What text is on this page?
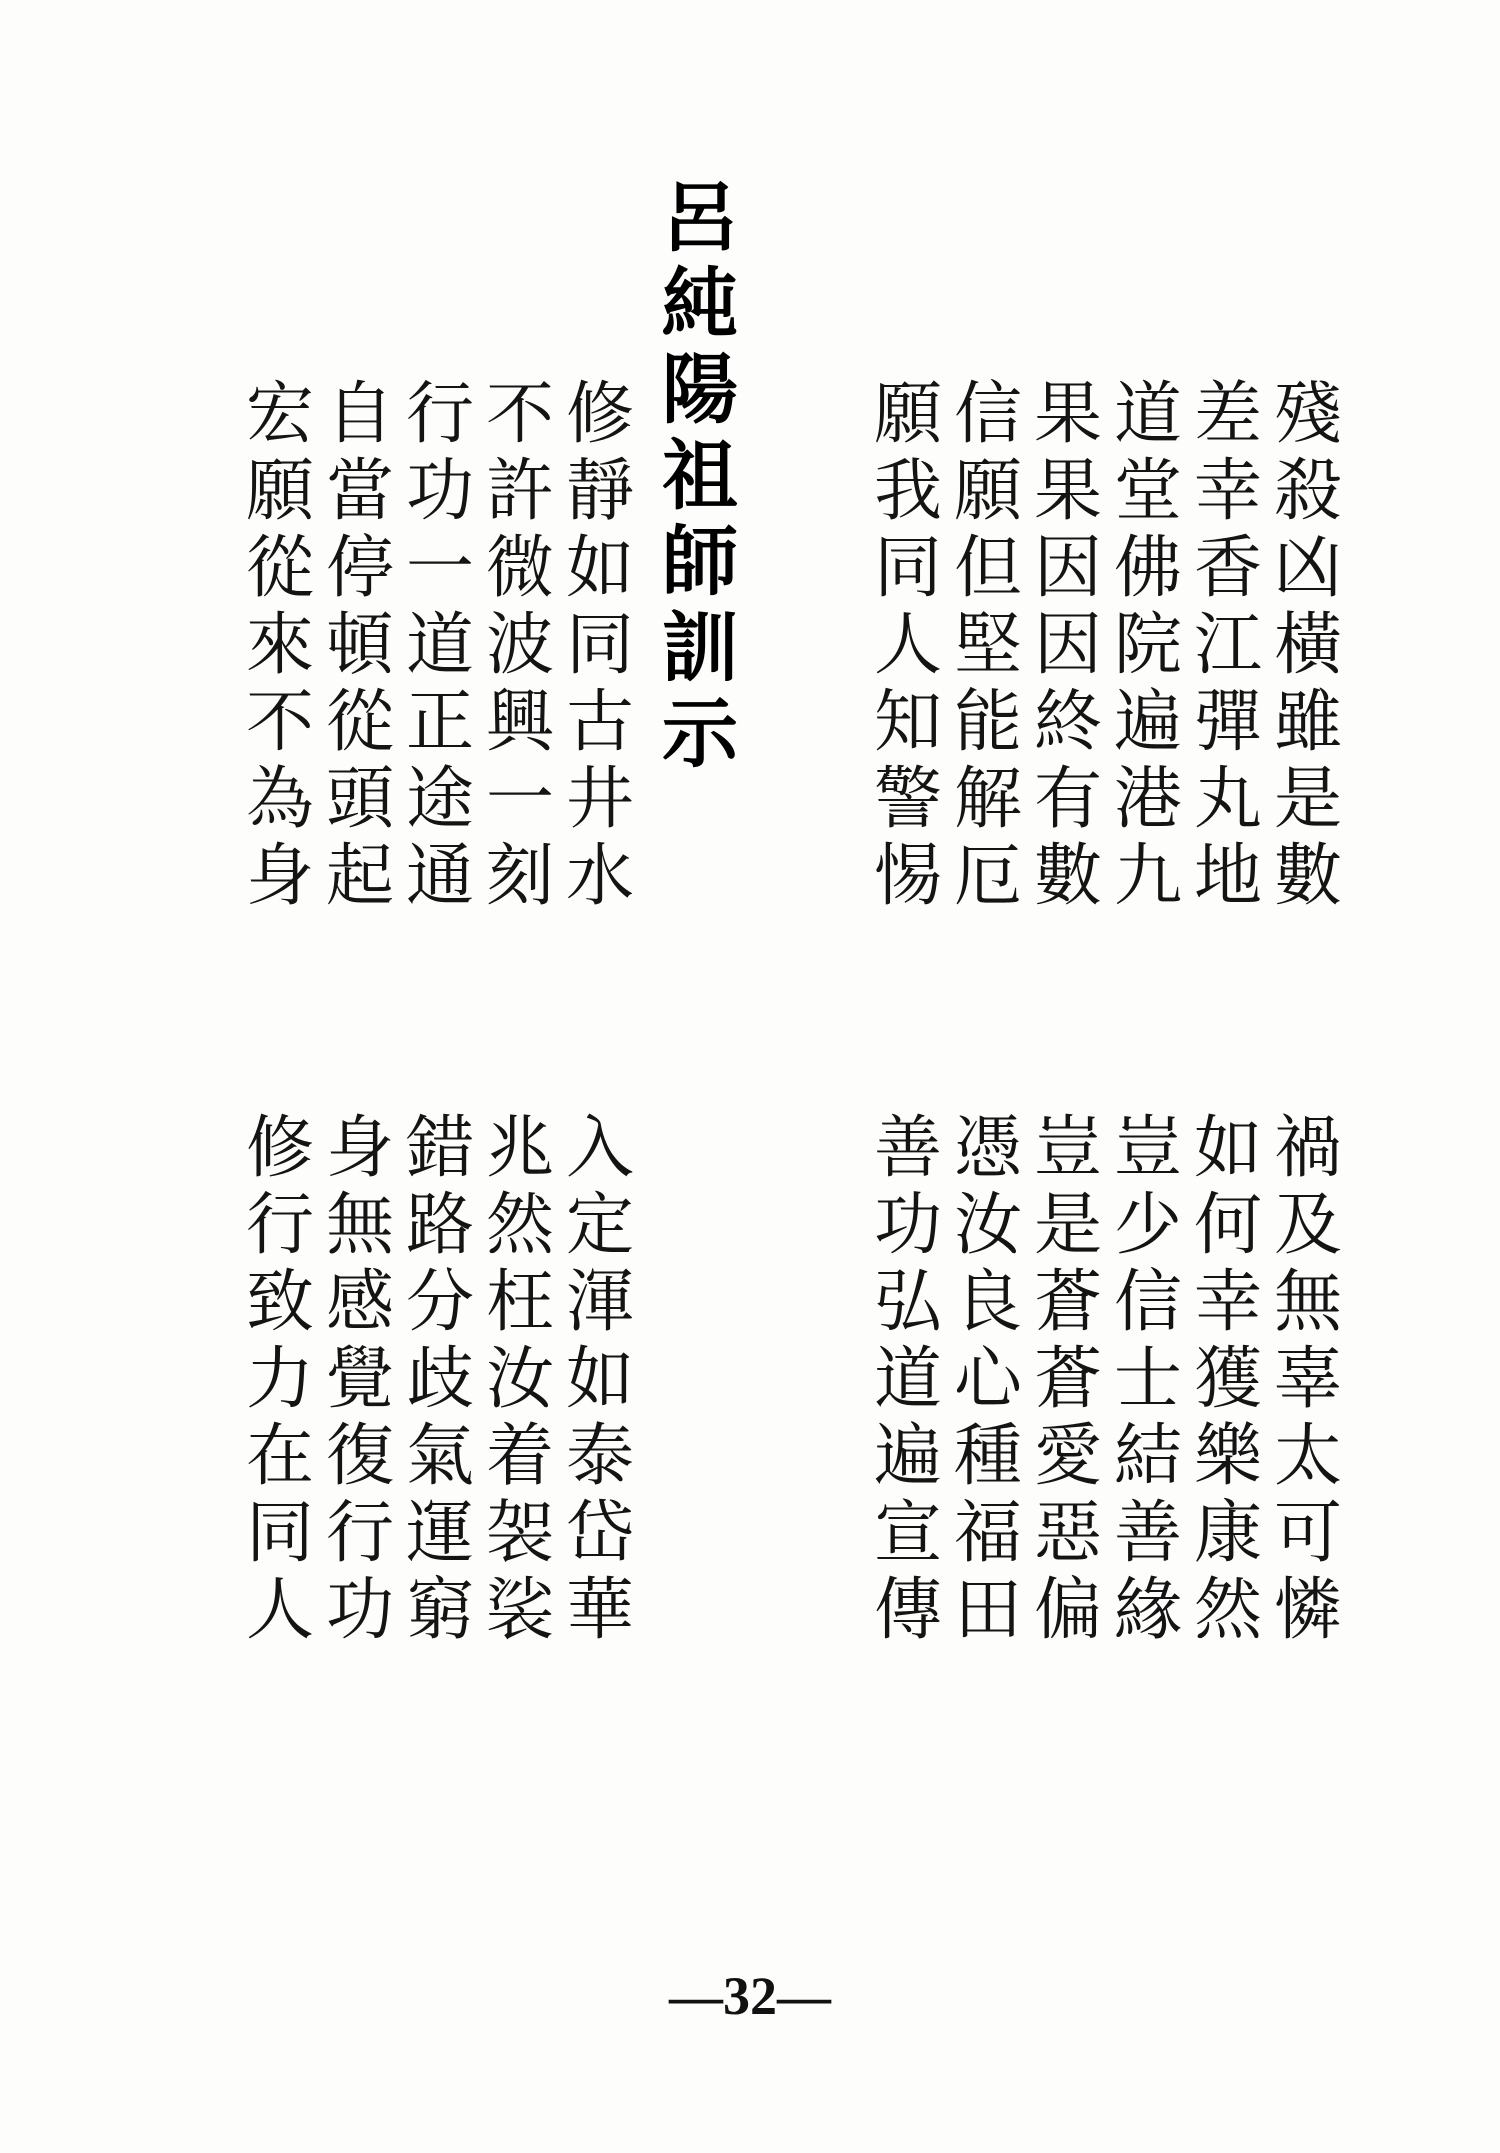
呂
純
陽
祖
師
訓
示
殘
殺
凶
橫
雖
是
數
差
幸
香
江
彈
丸
地
道
堂
佛
院
遍
港
九
果
果
因
因
終
有
數
信
願
但
堅
能
解
厄
願
我
同
人
知
警
惕
修
靜
如
同
古
井
水
不
許
微
波
興
一
刻
行
功
一
道
正
途
通
自
當
停
頓
從
頭
起
宏
願
從
來
不
為
身
禍
及
無
辜
太
可
憐
如
何
幸
獲
樂
康
然
豈
少
信
士
結
善
緣
豈
是
蒼
蒼
愛
惡
偏
憑
汝
良
心
種
福
田
善
功
弘
道
遍
宣
傳
入
定
渾
如
泰
岱
華
兆
然
枉
汝
着
袈
裟
錯
路
分
歧
氣
運
窮
身
無
感
覺
復
行
功
修
行
致
力
在
同
人
—32—
